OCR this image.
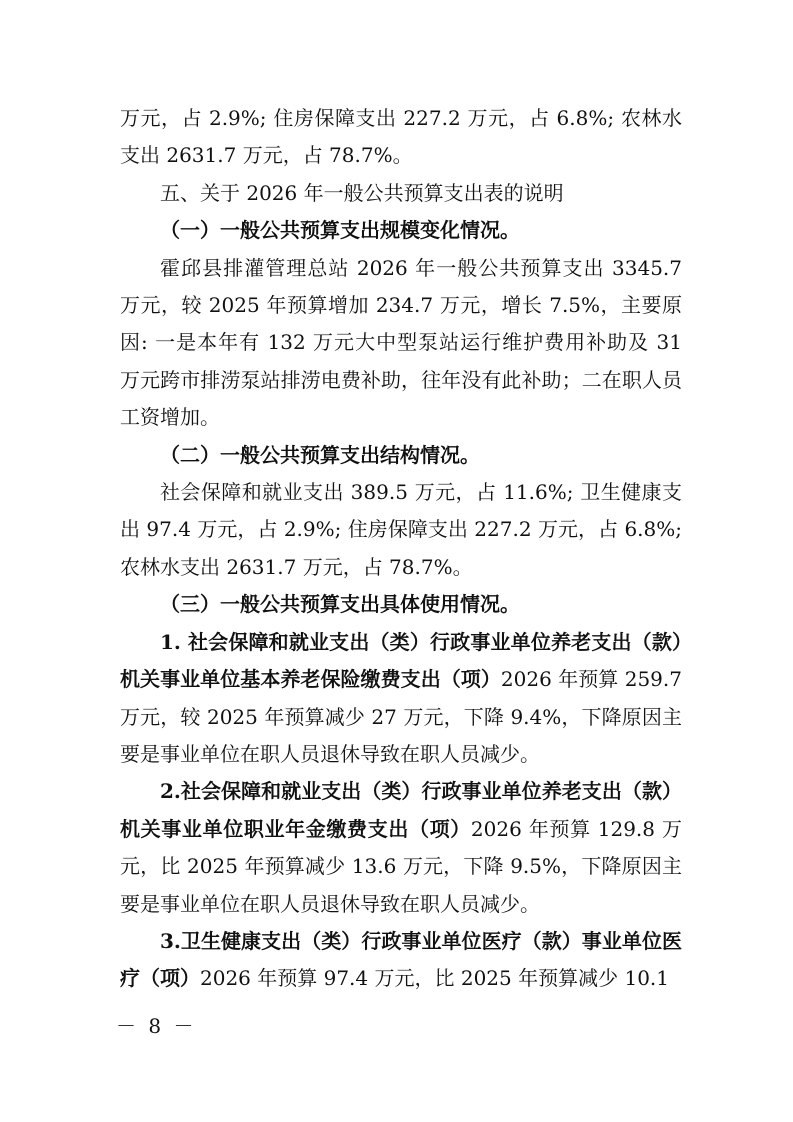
万元，占 2.9%; 住房保障支出 227.2 万元，占 6.8%; 农林水支出 2631.7 万元，占 78.7%。

五、关于 2026 年一般公共预算支出表的说明

（一）一般公共预算支出规模变化情况。

霍邱县排灌管理总站 2026 年一般公共预算支出 3345.7 万元，较 2025 年预算增加 234.7 万元，增长 7.5%，主要原因: 一是本年有 132 万元大中型泵站运行维护费用补助及 31 万元跨市排涝泵站排涝电费补助，往年没有此补助；二在职人员工资增加。

（二）一般公共预算支出结构情况。

社会保障和就业支出 389.5 万元，占 11.6%; 卫生健康支出 97.4 万元，占 2.9%; 住房保障支出 227.2 万元，占 6.8%; 农林水支出 2631.7 万元，占 78.7%。

（三）一般公共预算支出具体使用情况。

1. 社会保障和就业支出（类）行政事业单位养老支出（款）机关事业单位基本养老保险缴费支出（项）2026 年预算 259.7 万元，较 2025 年预算减少 27 万元，下降 9.4%，下降原因主要是事业单位在职人员退休导致在职人员减少。

2.社会保障和就业支出（类）行政事业单位养老支出（款）机关事业单位职业年金缴费支出（项）2026 年预算 129.8 万元，比 2025 年预算减少 13.6 万元，下降 9.5%，下降原因主要是事业单位在职人员退休导致在职人员减少。

3.卫生健康支出（类）行政事业单位医疗（款）事业单位医疗（项）2026 年预算 97.4 万元，比 2025 年预算减少 10.1

－ 8 －
